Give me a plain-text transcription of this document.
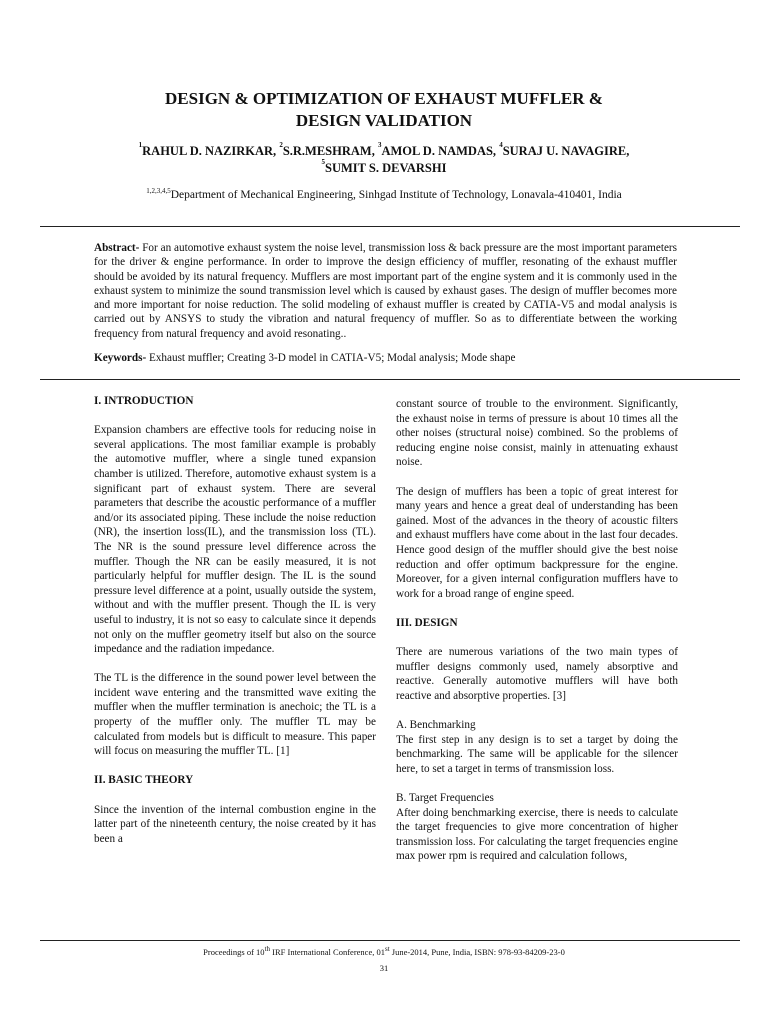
DESIGN & OPTIMIZATION OF EXHAUST MUFFLER &
DESIGN VALIDATION
$^1$RAHUL D. NAZIRKAR, $^2$S.R.MESHRAM, $^3$AMOL D. NAMDAS, $^4$SURAJ U. NAVAGIRE,
$^5$SUMIT S. DEVARSHI
$^{1,2,3,4,5}$Department of Mechanical Engineering, Sinhgad Institute of Technology, Lonavala-410401, India
Abstract- For an automotive exhaust system the noise level, transmission loss & back pressure are the most important parameters for the driver & engine performance. In order to improve the design efficiency of muffler, resonating of the exhaust muffler should be avoided by its natural frequency. Mufflers are most important part of the engine system and it is commonly used in the exhaust system to minimize the sound transmission level which is caused by exhaust gases. The design of muffler becomes more and more important for noise reduction. The solid modeling of exhaust muffler is created by CATIA-V5 and modal analysis is carried out by ANSYS to study the vibration and natural frequency of muffler. So as to differentiate between the working frequency from natural frequency and avoid resonating..
Keywords- Exhaust muffler; Creating 3-D model in CATIA-V5; Modal analysis; Mode shape
I. INTRODUCTION

Expansion chambers are effective tools for reducing noise in several applications. The most familiar example is probably the automotive muffler, where a single tuned expansion chamber is utilized. Therefore, automotive exhaust system is a significant part of exhaust system. There are several parameters that describe the acoustic performance of a muffler and/or its associated piping. These include the noise reduction (NR), the insertion loss(IL), and the transmission loss (TL). The NR is the sound pressure level difference across the muffler. Though the NR can be easily measured, it is not particularly helpful for muffler design. The IL is the sound pressure level difference at a point, usually outside the system, without and with the muffler present. Though the IL is very useful to industry, it is not so easy to calculate since it depends not only on the muffler geometry itself but also on the source impedance and the radiation impedance.

The TL is the difference in the sound power level between the incident wave entering and the transmitted wave exiting the muffler when the muffler termination is anechoic; the TL is a property of the muffler only. The muffler TL may be calculated from models but is difficult to measure. This paper will focus on measuring the muffler TL. [1]

II. BASIC THEORY

Since the invention of the internal combustion engine in the latter part of the nineteenth century, the noise created by it has been a

constant source of trouble to the environment. Significantly, the exhaust noise in terms of pressure is about 10 times all the other noises (structural noise) combined. So the problems of reducing engine noise consist, mainly in attenuating exhaust noise.

The design of mufflers has been a topic of great interest for many years and hence a great deal of understanding has been gained. Most of the advances in the theory of acoustic filters and exhaust mufflers have come about in the last four decades. Hence good design of the muffler should give the best noise reduction and offer optimum backpressure for the engine. Moreover, for a given internal configuration mufflers have to work for a broad range of engine speed.

III. DESIGN

There are numerous variations of the two main types of muffler designs commonly used, namely absorptive and reactive. Generally automotive mufflers will have both reactive and absorptive properties. [3]

A. Benchmarking

The first step in any design is to set a target by doing the benchmarking. The same will be applicable for the silencer here, to set a target in terms of transmission loss.

B. Target Frequencies

After doing benchmarking exercise, there is needs to calculate the target frequencies to give more concentration of higher transmission loss. For calculating the target frequencies engine max power rpm is required and calculation follows,

Proceedings of 10th IRF International Conference, 01st June-2014, Pune, India, ISBN: 978-93-84209-23-0
31
